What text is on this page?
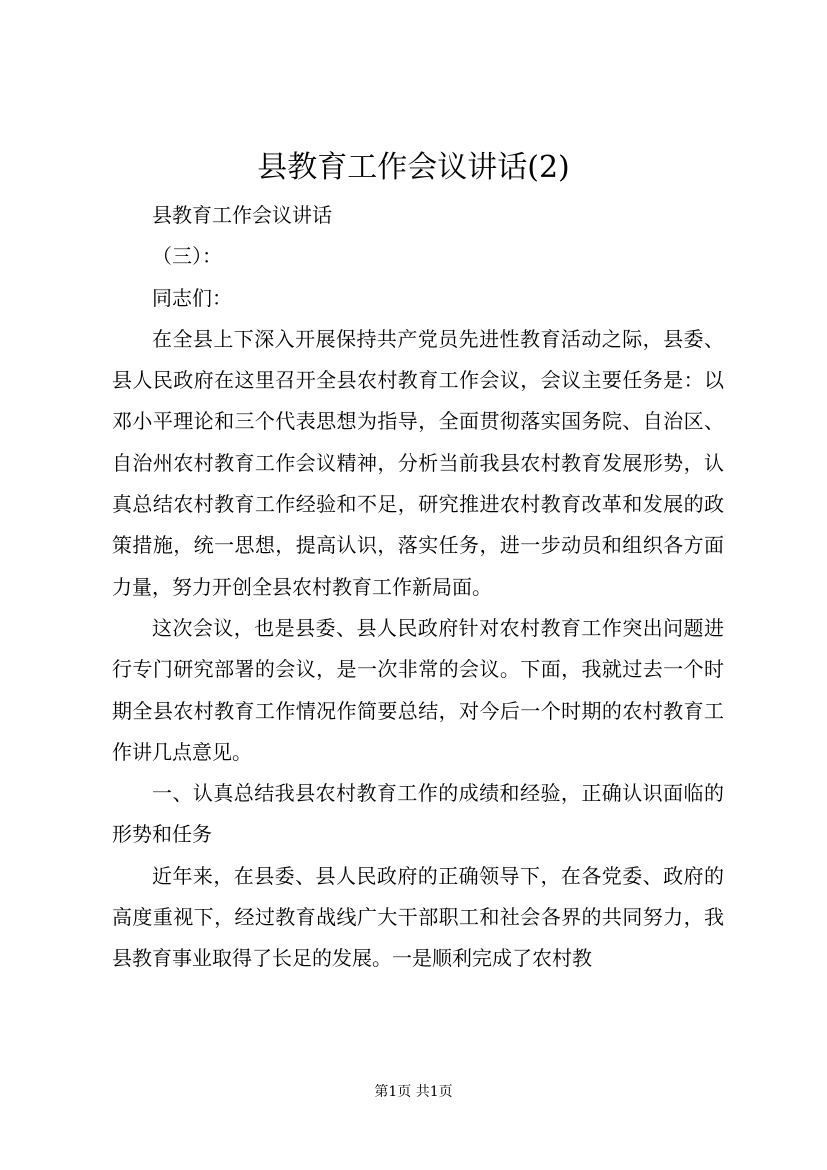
县教育工作会议讲话(2)

县教育工作会议讲话

（三）：

同志们：

在全县上下深入开展保持共产党员先进性教育活动之际，县委、县人民政府在这里召开全县农村教育工作会议，会议主要任务是：以邓小平理论和三个代表思想为指导，全面贯彻落实国务院、自治区、自治州农村教育工作会议精神，分析当前我县农村教育发展形势，认真总结农村教育工作经验和不足，研究推进农村教育改革和发展的政策措施，统一思想，提高认识，落实任务，进一步动员和组织各方面力量，努力开创全县农村教育工作新局面。

这次会议，也是县委、县人民政府针对农村教育工作突出问题进行专门研究部署的会议，是一次非常的会议。下面，我就过去一个时期全县农村教育工作情况作简要总结，对今后一个时期的农村教育工作讲几点意见。

一、认真总结我县农村教育工作的成绩和经验，正确认识面临的形势和任务

近年来，在县委、县人民政府的正确领导下，在各党委、政府的高度重视下，经过教育战线广大干部职工和社会各界的共同努力，我县教育事业取得了长足的发展。一是顺利完成了农村教

第1页 共1页
